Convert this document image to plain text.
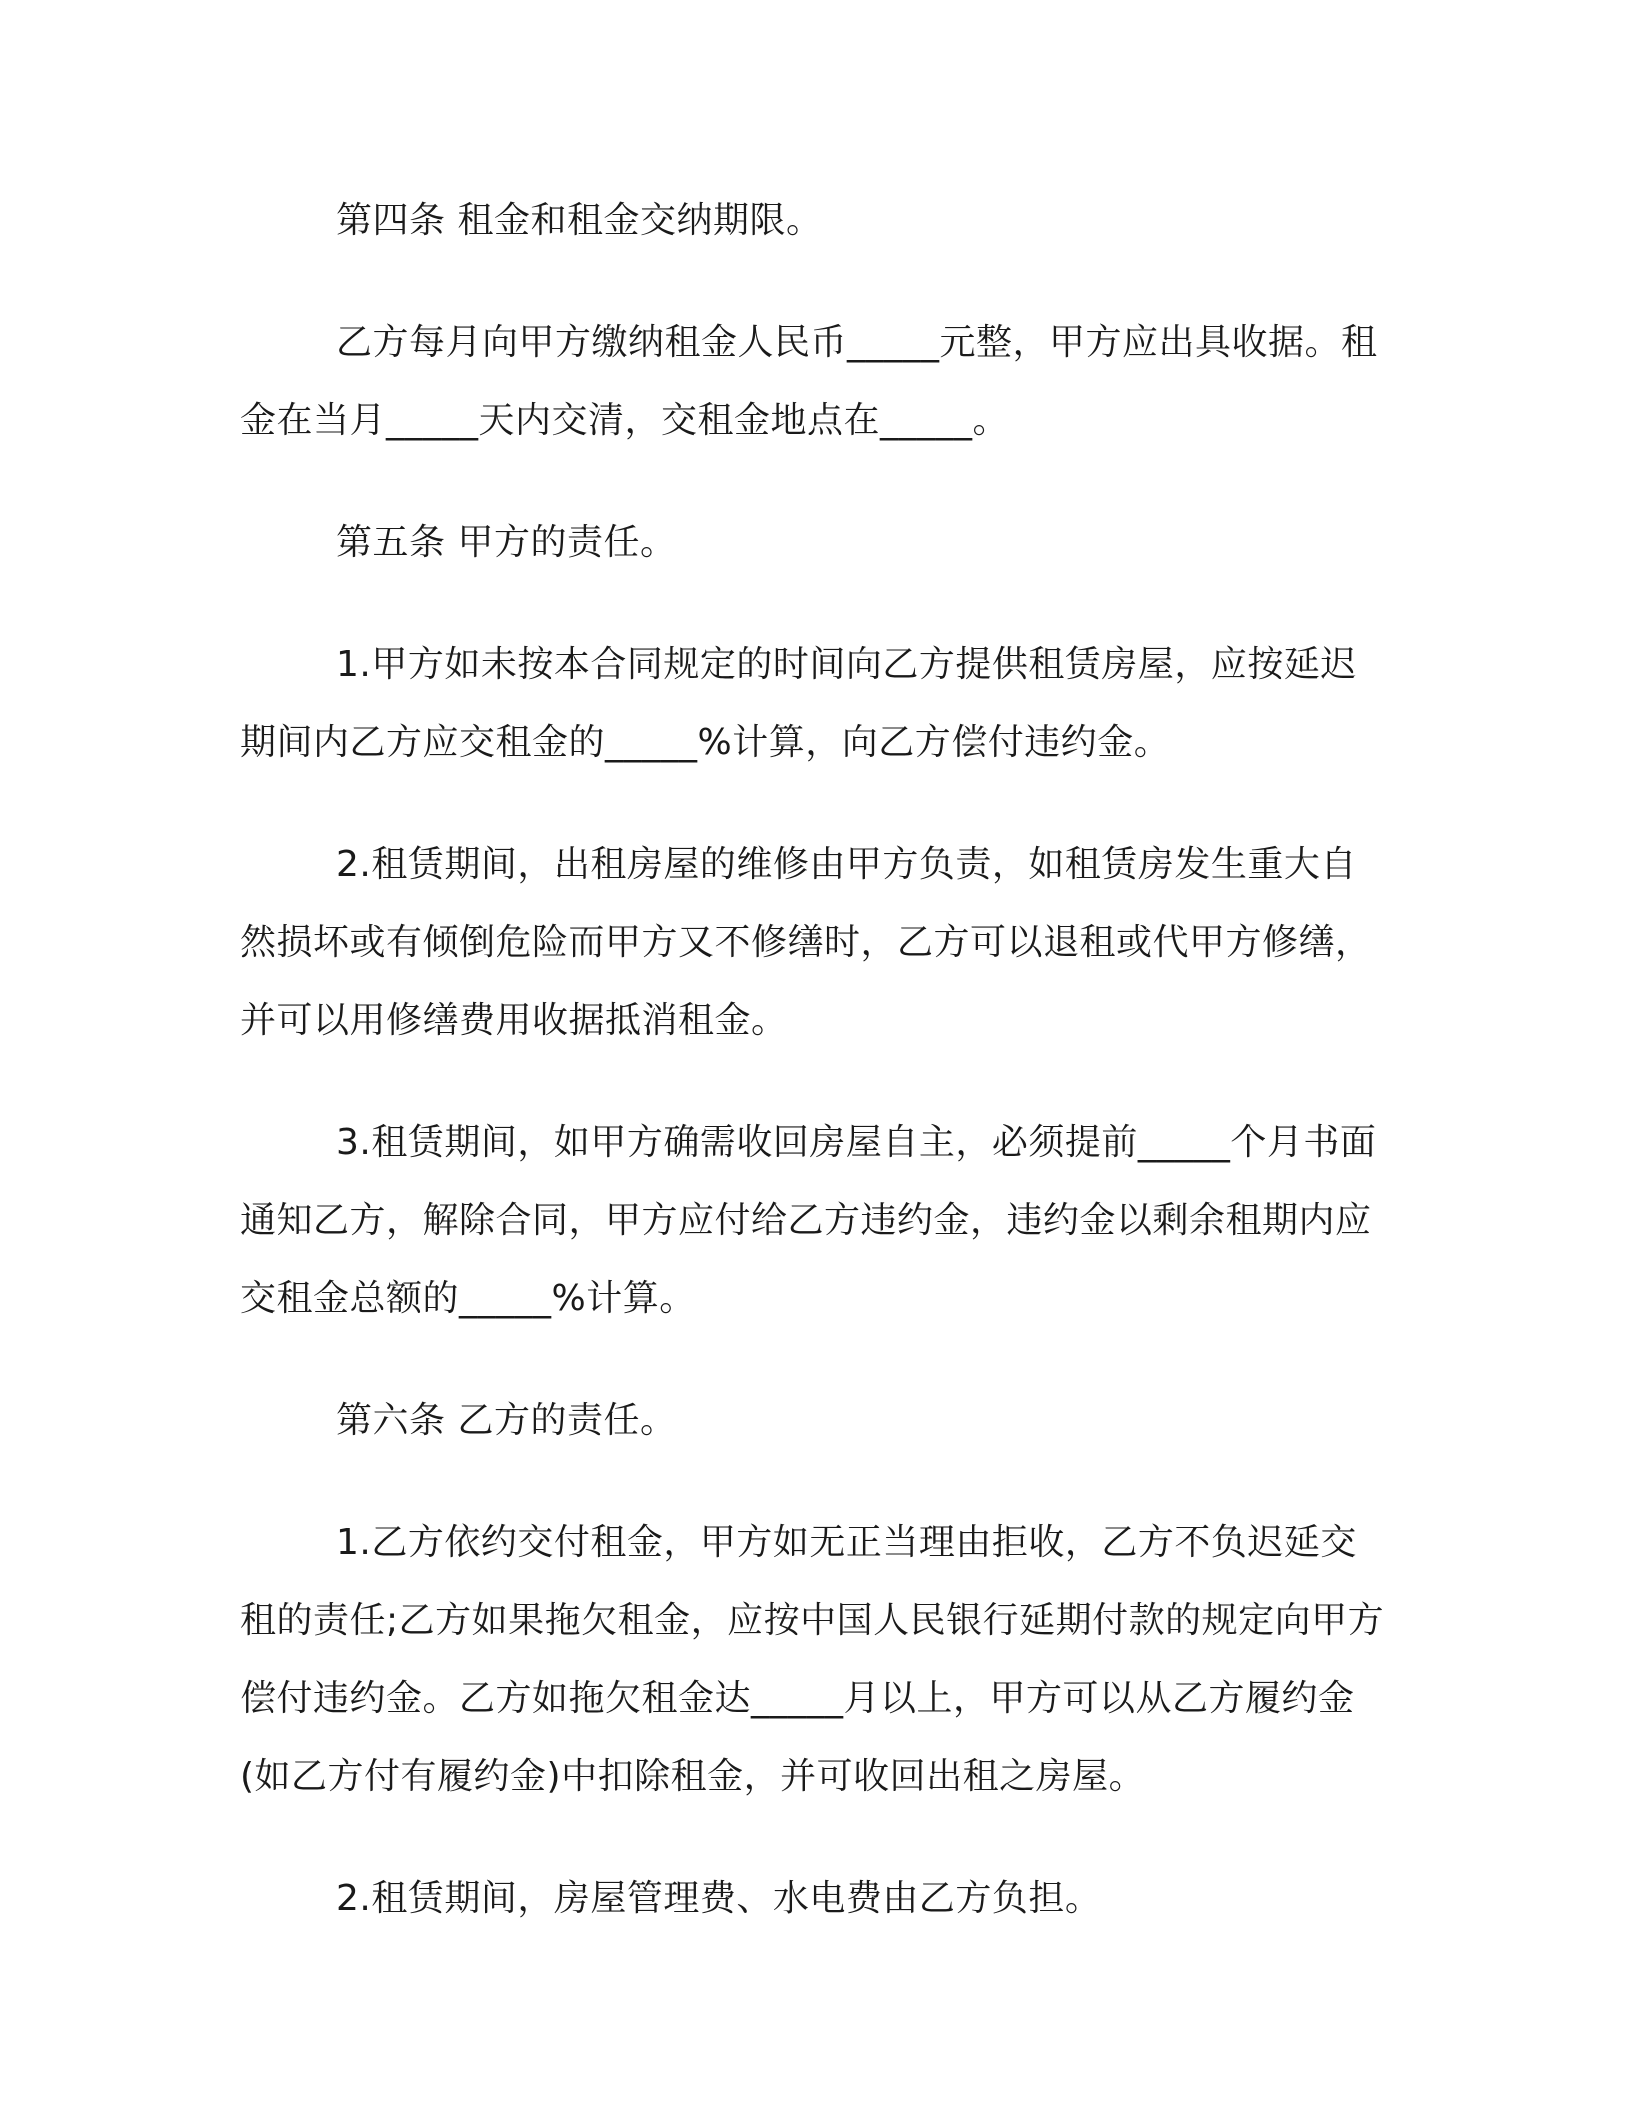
第四条 租金和租金交纳期限。

乙方每月向甲方缴纳租金人民币_____元整，甲方应出具收据。租金在当月_____天内交清，交租金地点在_____。

第五条 甲方的责任。

1.甲方如未按本合同规定的时间向乙方提供租赁房屋，应按延迟期间内乙方应交租金的_____%计算，向乙方偿付违约金。

2.租赁期间，出租房屋的维修由甲方负责，如租赁房发生重大自然损坏或有倾倒危险而甲方又不修缮时，乙方可以退租或代甲方修缮，并可以用修缮费用收据抵消租金。

3.租赁期间，如甲方确需收回房屋自主，必须提前_____个月书面通知乙方，解除合同，甲方应付给乙方违约金，违约金以剩余租期内应交租金总额的_____%计算。

第六条 乙方的责任。

1.乙方依约交付租金，甲方如无正当理由拒收，乙方不负迟延交租的责任;乙方如果拖欠租金，应按中国人民银行延期付款的规定向甲方偿付违约金。乙方如拖欠租金达_____月以上，甲方可以从乙方履约金(如乙方付有履约金)中扣除租金，并可收回出租之房屋。

2.租赁期间，房屋管理费、水电费由乙方负担。
